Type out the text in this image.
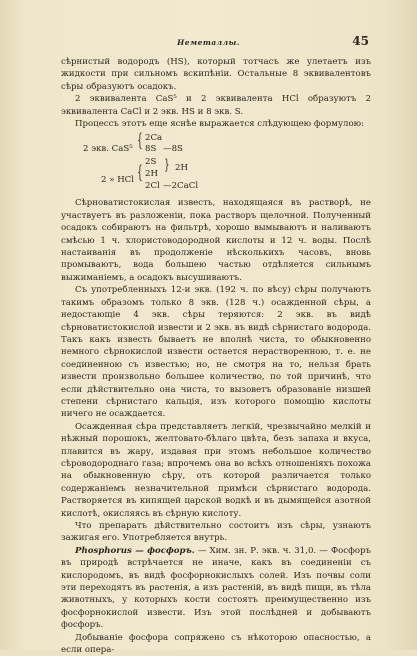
Неметаллы.	45

сѣрнистый водородъ (НS), который тотчасъ же улетаетъ изъ жидкости при сильномъ вскипѣнiи. Остальные 8 эквивалентовъ сѣры образуютъ осадокъ.

2 эквивалента CaS⁵ и 2 эквивалента HCl образуютъ 2 эквивалента CaCl и 2 экв. HS и 8 экв. S.

Процессъ этотъ еще яснѣе выражается слѣдующею формулою:

2 экв. CaS⁵
2 » HCl
{
{
2Ca
8S
2S
2H
2Cl
—8S
} 2H
—2CaCl

Сѣрноватистокислая известь, находящаяся въ растворѣ, не участвуетъ въ разложенiи, пока растворъ щелочной. Полученный осадокъ собираютъ на фильтрѣ, хорошо вымываютъ и наливаютъ смѣсью 1 ч. хлористоводородной кислоты и 12 ч. воды. Послѣ настаиванiя въ продолженiе нѣсколькихъ часовъ, вновь промываютъ, вода большею частью отдѣляется сильнымъ выжиманiемъ, а осадокъ высушиваютъ.

Съ употребленныхъ 12-и экв. (192 ч. по вѣсу) сѣры получаютъ такимъ образомъ только 8 экв. (128 ч.) осажденной сѣры, а недостающiе 4 экв. сѣры теряются: 2 экв. въ видѣ сѣрноватистокислой извести и 2 экв. въ видѣ сѣрнистаго водорода. Такъ какъ известь бываетъ не вполнѣ чиста, то обыкновенно немного сѣрнокислой извести остается нерастворенною, т. е. не соединенною съ известью; но, не смотря на то, нельзя брать извести произвольно большее количество, по той причинѣ, что если дѣйствительно она чиста, то вызоветъ образованiе низшей степени сѣрнистаго кальцiя, изъ которого помощiю кислоты ничего не осаждается.

Осажденная сѣра представляетъ легкiй, чрезвычайно мелкiй и нѣжный порошокъ, желтовато-бѣлаго цвѣта, безъ запаха и вкуса, плавится въ жару, издавая при этомъ небольшое количество сѣроводороднаго газа; впрочемъ она во всѣхъ отношенiяхъ похожа на обыкновенную сѣру, отъ которой различается только содержанiемъ незначительной примѣси сѣрнистаго водорода. Растворяется въ кипящей царской водкѣ и въ дымящейся азотной кислотѣ, окисляясь въ сѣрную кислоту.

Что препаратъ дѣйствительно состоитъ изъ сѣры, узнаютъ зажигая его. Употребляется внутрь.

Phosphorus — фосфоръ. — Хим. зн. Р. экв. ч. 31,0. — Фосфоръ въ природѣ встрѣчается не иначе, какъ въ соединенiи съ кислородомъ, въ видѣ фосфорнокислыхъ солей. Изъ почвы соли эти переходятъ въ растенiя, а изъ растенiй, въ видѣ пищи, въ тѣла животныхъ, у которыхъ кости состоятъ преимущественно изъ фосфорнокислой извести. Изъ этой послѣдней и добываютъ фосфоръ.

Добыванiе фосфора сопряжено съ нѣкоторою опасностью, а если опера-
